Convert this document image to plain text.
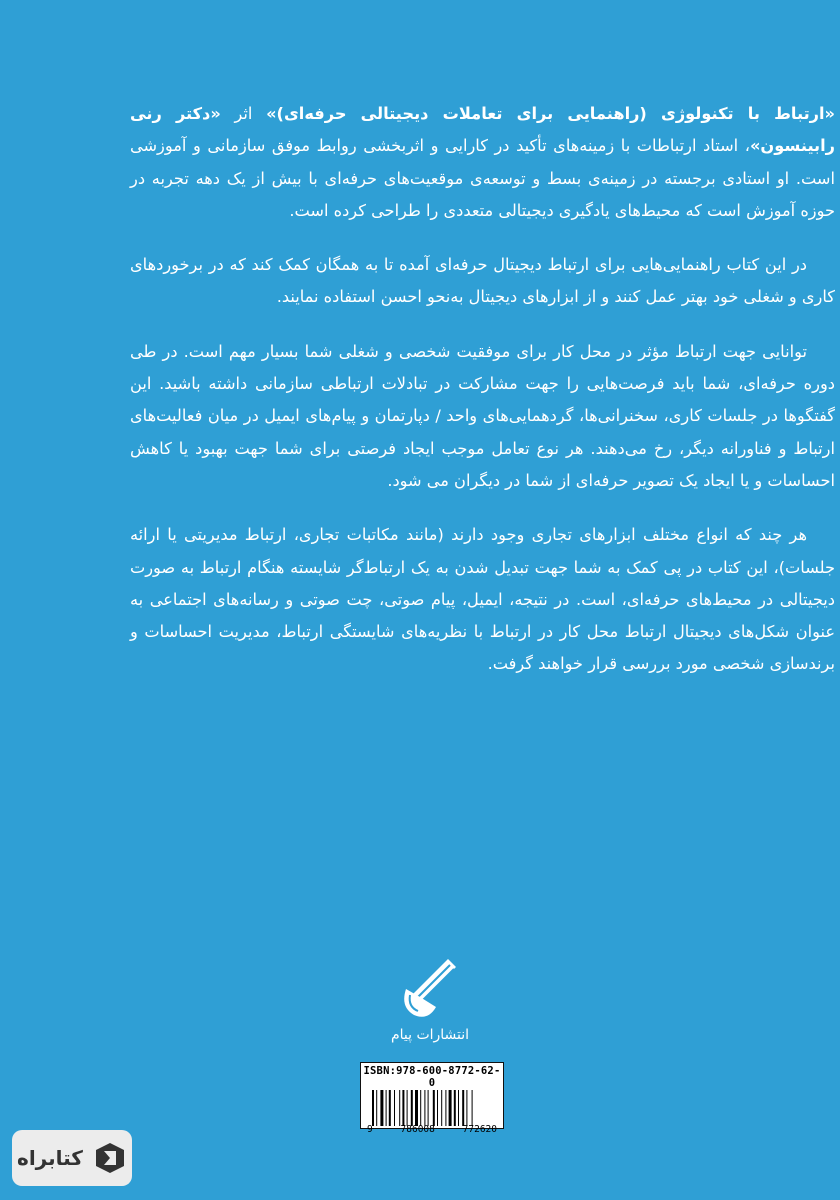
«ارتباط با تکنولوژی (راهنمایی برای تعاملات دیجیتالی حرفه‌ای)» اثر «دکتر رنی رابینسون»، استاد ارتباطات با زمینه‌های تأکید در کارایی و اثربخشی روابط موفق سازمانی و آموزشی است. او استادی برجسته در زمینه‌ی بسط و توسعه‌ی موقعیت‌های حرفه‌ای با بیش از یک دهه تجربه در حوزه آموزش است که محیط‌های یادگیری دیجیتالی متعددی را طراحی کرده است.

در این کتاب راهنمایی‌هایی برای ارتباط دیجیتال حرفه‌ای آمده تا به همگان کمک کند که در برخوردهای کاری و شغلی خود بهتر عمل کنند و از ابزارهای دیجیتال به‌نحو احسن استفاده نمایند.

توانایی جهت ارتباط مؤثر در محل کار برای موفقیت شخصی و شغلی شما بسیار مهم است. در طی دوره حرفه‌ای، شما باید فرصت‌هایی را جهت مشارکت در تبادلات ارتباطی سازمانی داشته باشید. این گفتگوها در جلسات کاری، سخنرانی‌ها، گردهمایی‌های واحد / دپارتمان و پیام‌های ایمیل در میان فعالیت‌های ارتباط و فناورانه دیگر، رخ می‌دهند. هر نوع تعامل موجب ایجاد فرصتی برای شما جهت بهبود یا کاهش احساسات و یا ایجاد یک تصویر حرفه‌ای از شما در دیگران می شود.

هر چند که انواع مختلف ابزارهای تجاری وجود دارند (مانند مکاتبات تجاری، ارتباط مدیریتی یا ارائه جلسات)، این کتاب در پی کمک به شما جهت تبدیل شدن به یک ارتباط‌گر شایسته هنگام ارتباط به صورت دیجیتالی در محیط‌های حرفه‌ای، است. در نتیجه، ایمیل، پیام صوتی، چت صوتی و رسانه‌های اجتماعی به عنوان شکل‌های دیجیتال ارتباط محل کار در ارتباط با نظریه‌های شایستگی ارتباط، مدیریت احساسات و برندسازی شخصی مورد بررسی قرار خواهند گرفت.

انتشارات پیام
ISBN:978-600-8772-62-0
9	786008	772620
کتابراه
